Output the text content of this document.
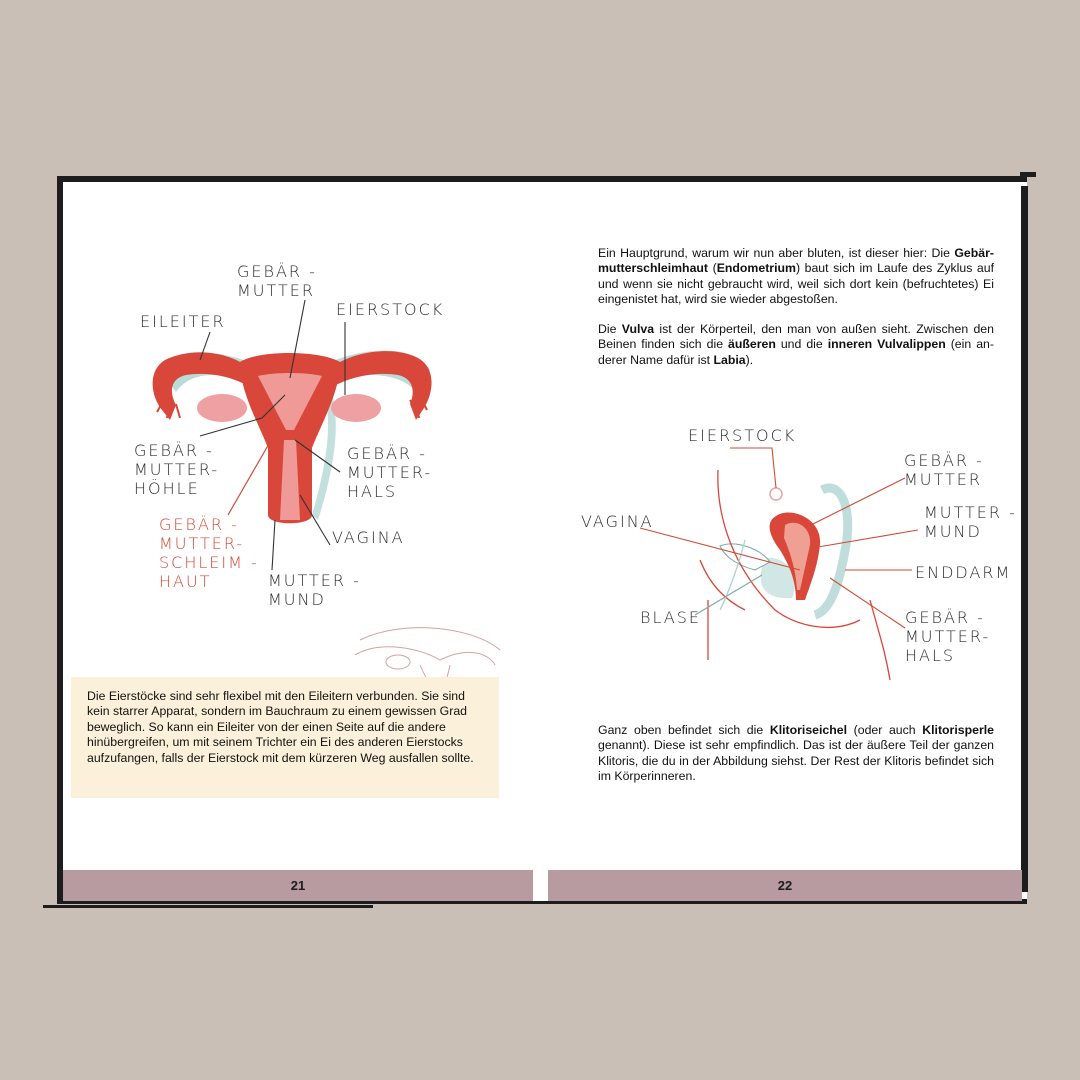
GEBÄR -
MUTTER
EILEITER
EIERSTOCK
GEBÄR -
MUTTER-
HÖHLE
GEBÄR -
MUTTER-
HALS
GEBÄR -
MUTTER-
SCHLEIM -
HAUT
VAGINA
MUTTER -
MUND
Die Eierstöcke sind sehr flexibel mit den Eileitern verbunden. Sie sind kein starrer Apparat, sondern im Bauchraum zu einem gewissen Grad beweglich. So kann ein Eileiter von der einen Seite auf die andere hinübergreifen, um mit seinem Trichter ein Ei des anderen Eierstocks aufzufangen, falls der Eierstock mit dem kürzeren Weg ausfallen sollte.
Ein Hauptgrund, warum wir nun aber bluten, ist dieser hier: Die Gebärmutterschleimhaut (Endometrium) baut sich im Laufe des Zyklus auf und wenn sie nicht gebraucht wird, weil sich dort kein (befruchtetes) Ei eingenistet hat, wird sie wieder abgestoßen.
Die Vulva ist der Körperteil, den man von außen sieht. Zwischen den Beinen finden sich die äußeren und die inneren Vulvalippen (ein anderer Name dafür ist Labia).
EIERSTOCK
GEBÄR -
MUTTER
VAGINA	MUTTER -
MUND
ENDDARM
BLASE	GEBÄR -
MUTTER-
HALS
Ganz oben befindet sich die Klitoriseichel (oder auch Klitorisperle genannt). Diese ist sehr empfindlich. Das ist der äußere Teil der ganzen Klitoris, die du in der Abbildung siehst. Der Rest der Klitoris befindet sich im Körperinneren.
21	22
